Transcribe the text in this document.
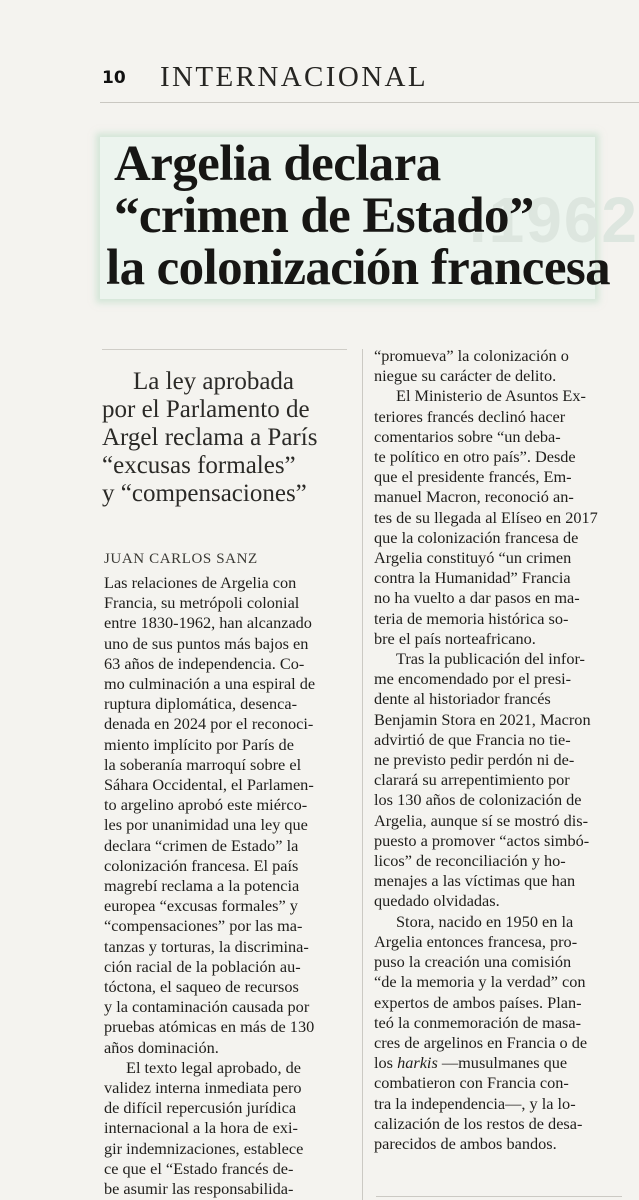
10 INTERNACIONAL
.1962
Argelia declara
“crimen de Estado”
la colonización francesa

La ley aprobada
por el Parlamento de
Argel reclama a París
“excusas formales”
y “compensaciones”

JUAN CARLOS SANZ
Las relaciones de Argelia con
Francia, su metrópoli colonial
entre 1830-1962, han alcanzado
uno de sus puntos más bajos en
63 años de independencia. Co-
mo culminación a una espiral de
ruptura diplomática, desenca-
denada en 2024 por el reconoci-
miento implícito por París de
la soberanía marroquí sobre el
Sáhara Occidental, el Parlamen-
to argelino aprobó este miérco-
les por unanimidad una ley que
declara “crimen de Estado” la
colonización francesa. El país
magrebí reclama a la potencia
europea “excusas formales” y
“compensaciones” por las ma-
tanzas y torturas, la discrimina-
ción racial de la población au-
tóctona, el saqueo de recursos
y la contaminación causada por
pruebas atómicas en más de 130
años dominación.
El texto legal aprobado, de
validez interna inmediata pero
de difícil repercusión jurídica
internacional a la hora de exi-
gir indemnizaciones, establece
ce que el “Estado francés de-
be asumir las responsabilida-
“promueva” la colonización o
niegue su carácter de delito.
El Ministerio de Asuntos Ex-
teriores francés declinó hacer
comentarios sobre “un deba-
te político en otro país”. Desde
que el presidente francés, Em-
manuel Macron, reconoció an-
tes de su llegada al Elíseo en 2017
que la colonización francesa de
Argelia constituyó “un crimen
contra la Humanidad” Francia
no ha vuelto a dar pasos en ma-
teria de memoria histórica so-
bre el país norteafricano.
Tras la publicación del infor-
me encomendado por el presi-
dente al historiador francés
Benjamin Stora en 2021, Macron
advirtió de que Francia no tie-
ne previsto pedir perdón ni de-
clarará su arrepentimiento por
los 130 años de colonización de
Argelia, aunque sí se mostró dis-
puesto a promover “actos simbó-
licos” de reconciliación y ho-
menajes a las víctimas que han
quedado olvidadas.
Stora, nacido en 1950 en la
Argelia entonces francesa, pro-
puso la creación una comisión
“de la memoria y la verdad” con
expertos de ambos países. Plan-
teó la conmemoración de masa-
cres de argelinos en Francia o de
los harkis —musulmanes que
combatieron con Francia con-
tra la independencia—, y la lo-
calización de los restos de desa-
parecidos de ambos bandos.
